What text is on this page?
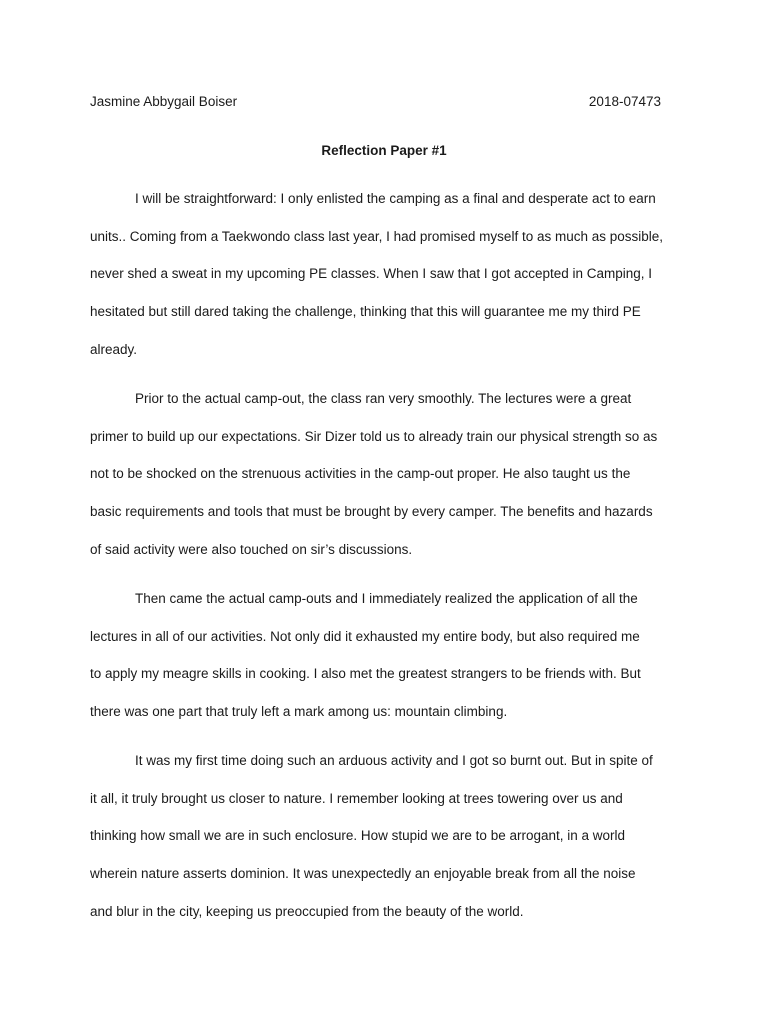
Jasmine Abbygail Boiser	2018-07473
Reflection Paper #1
I will be straightforward: I only enlisted the camping as a final and desperate act to earn
units.. Coming from a Taekwondo class last year, I had promised myself to as much as possible,
never shed a sweat in my upcoming PE classes. When I saw that I got accepted in Camping, I
hesitated but still dared taking the challenge, thinking that this will guarantee me my third PE
already.
Prior to the actual camp-out, the class ran very smoothly. The lectures were a great
primer to build up our expectations. Sir Dizer told us to already train our physical strength so as
not to be shocked on the strenuous activities in the camp-out proper. He also taught us the
basic requirements and tools that must be brought by every camper. The benefits and hazards
of said activity were also touched on sir’s discussions.
Then came the actual camp-outs and I immediately realized the application of all the
lectures in all of our activities. Not only did it exhausted my entire body, but also required me
to apply my meagre skills in cooking. I also met the greatest strangers to be friends with. But
there was one part that truly left a mark among us: mountain climbing.
It was my first time doing such an arduous activity and I got so burnt out. But in spite of
it all, it truly brought us closer to nature. I remember looking at trees towering over us and
thinking how small we are in such enclosure. How stupid we are to be arrogant, in a world
wherein nature asserts dominion. It was unexpectedly an enjoyable break from all the noise
and blur in the city, keeping us preoccupied from the beauty of the world.
